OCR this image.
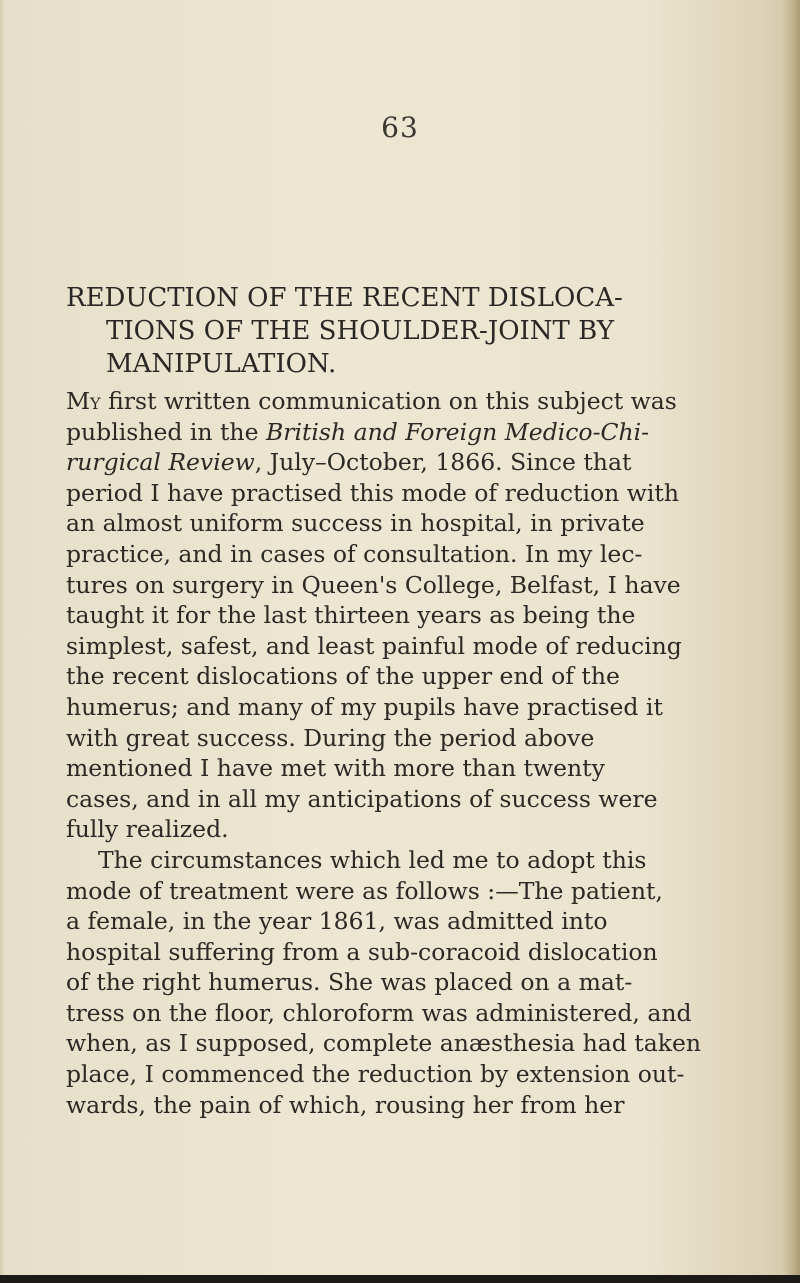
63
REDUCTION OF THE RECENT DISLOCA-
TIONS OF THE SHOULDER-JOINT BY
MANIPULATION.
My first written communication on this subject was
published in the British and Foreign Medico-Chi-
rurgical Review, July–October, 1866. Since that
period I have practised this mode of reduction with
an almost uniform success in hospital, in private
practice, and in cases of consultation. In my lec-
tures on surgery in Queen's College, Belfast, I have
taught it for the last thirteen years as being the
simplest, safest, and least painful mode of reducing
the recent dislocations of the upper end of the
humerus; and many of my pupils have practised it
with great success. During the period above
mentioned I have met with more than twenty
cases, and in all my anticipations of success were
fully realized.
The circumstances which led me to adopt this
mode of treatment were as follows :—The patient,
a female, in the year 1861, was admitted into
hospital suffering from a sub-coracoid dislocation
of the right humerus. She was placed on a mat-
tress on the floor, chloroform was administered, and
when, as I supposed, complete anæsthesia had taken
place, I commenced the reduction by extension out-
wards, the pain of which, rousing her from her
